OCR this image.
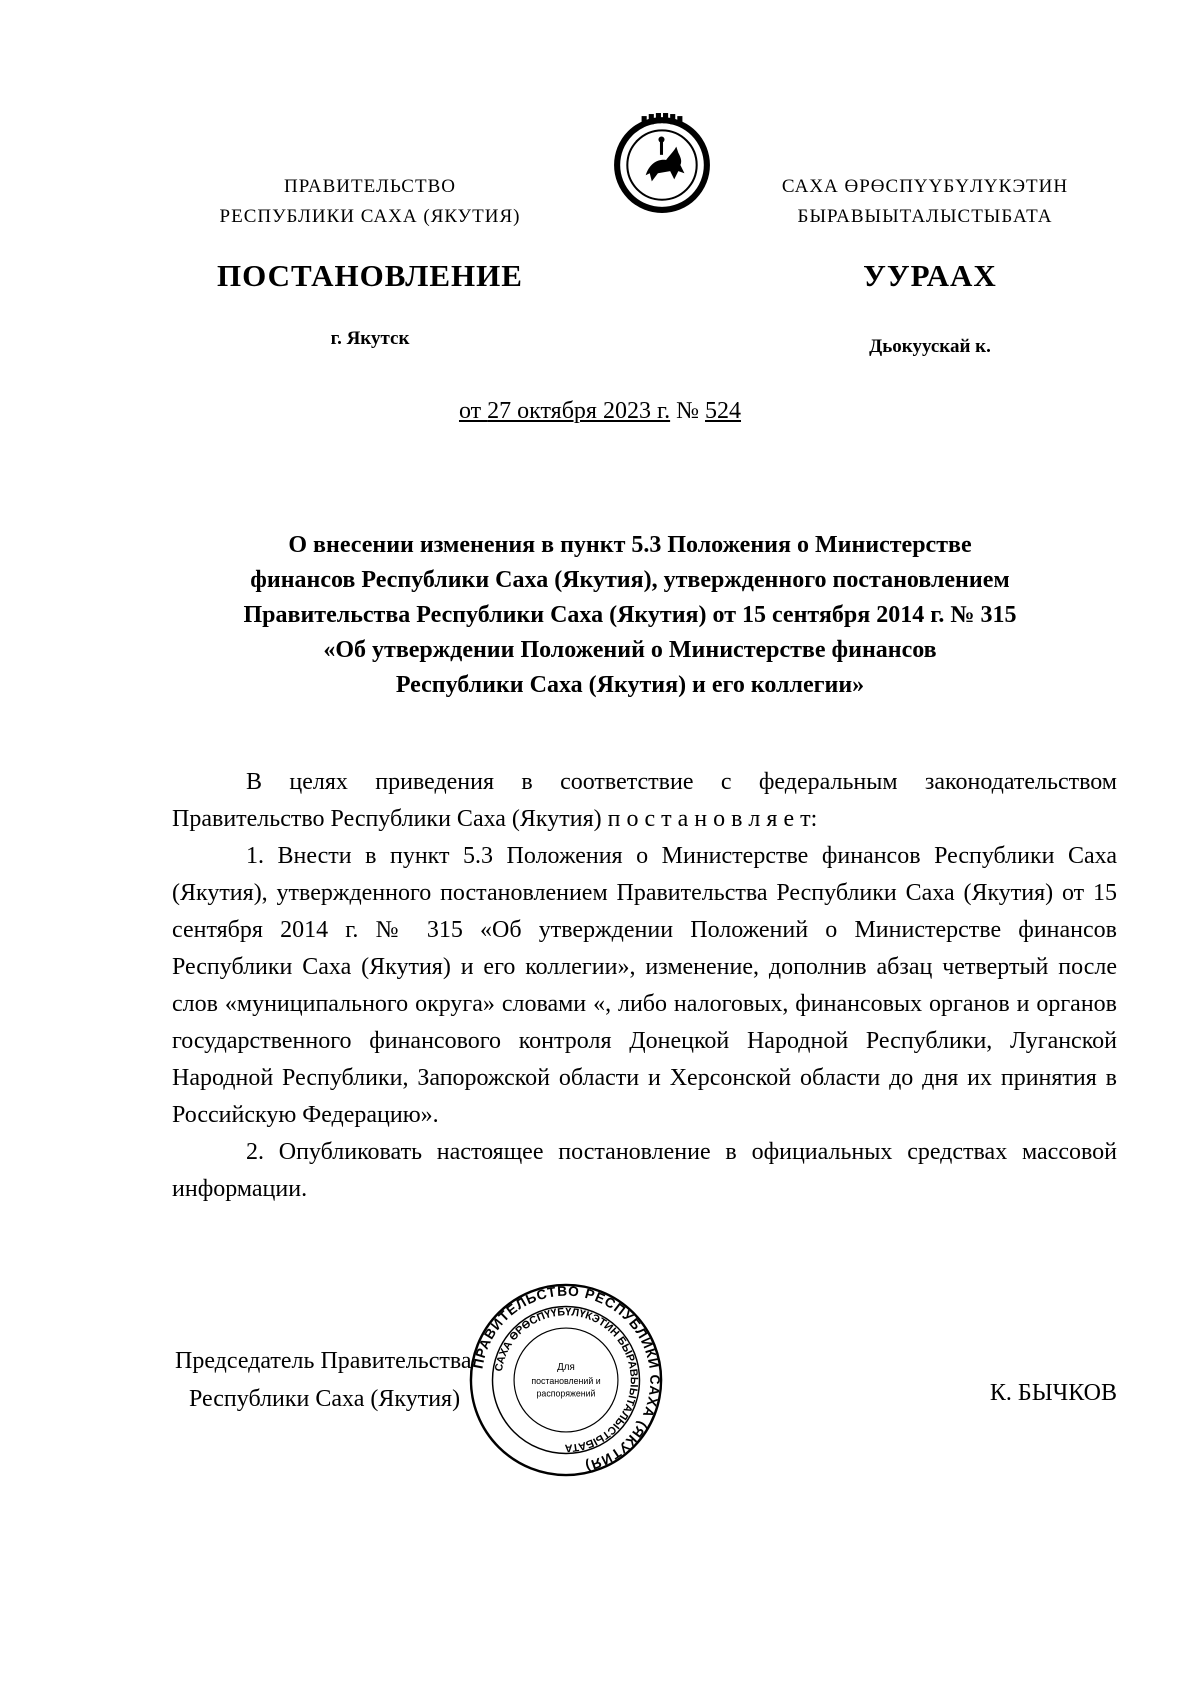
ПРАВИТЕЛЬСТВО
РЕСПУБЛИКИ САХА (ЯКУТИЯ)
САХА ӨРӨСПҮҮБҮЛҮКЭТИН
БЫРАВЫЫТАЛЫСТЫБАТА
ПОСТАНОВЛЕНИЕ	УУРААХ
г. Якутск	Дьокуускай к.
от 27 октября 2023 г. № 524
О внесении изменения в пункт 5.3 Положения о Министерстве
финансов Республики Саха (Якутия), утвержденного постановлением
Правительства Республики Саха (Якутия) от 15 сентября 2014 г. № 315
«Об утверждении Положений о Министерстве финансов
Республики Саха (Якутия) и его коллегии»

В целях приведения в соответствие с федеральным законодательством Правительство Республики Саха (Якутия) п о с т а н о в л я е т:

1. Внести в пункт 5.3 Положения о Министерстве финансов Республики Саха (Якутия), утвержденного постановлением Правительства Республики Саха (Якутия) от 15 сентября 2014 г. № 315 «Об утверждении Положений о Министерстве финансов Республики Саха (Якутия) и его коллегии», изменение, дополнив абзац четвертый после слов «муниципального округа» словами «, либо налоговых, финансовых органов и органов государственного финансового контроля Донецкой Народной Республики, Луганской Народной Республики, Запорожской области и Херсонской области до дня их принятия в Российскую Федерацию».

2. Опубликовать настоящее постановление в официальных средствах массовой информации.

Председатель Правительства
Республики Саха (Якутия)	К. БЫЧКОВ
ПРАВИТЕЛЬСТВО РЕСПУБЛИКИ САХА (ЯКУТИЯ)
САХА ӨРӨСПҮҮБҮЛҮКЭТИН БЫРАВЫЫТАЛЫСТЫБАТА
Для
постановлений и
распоряжений
